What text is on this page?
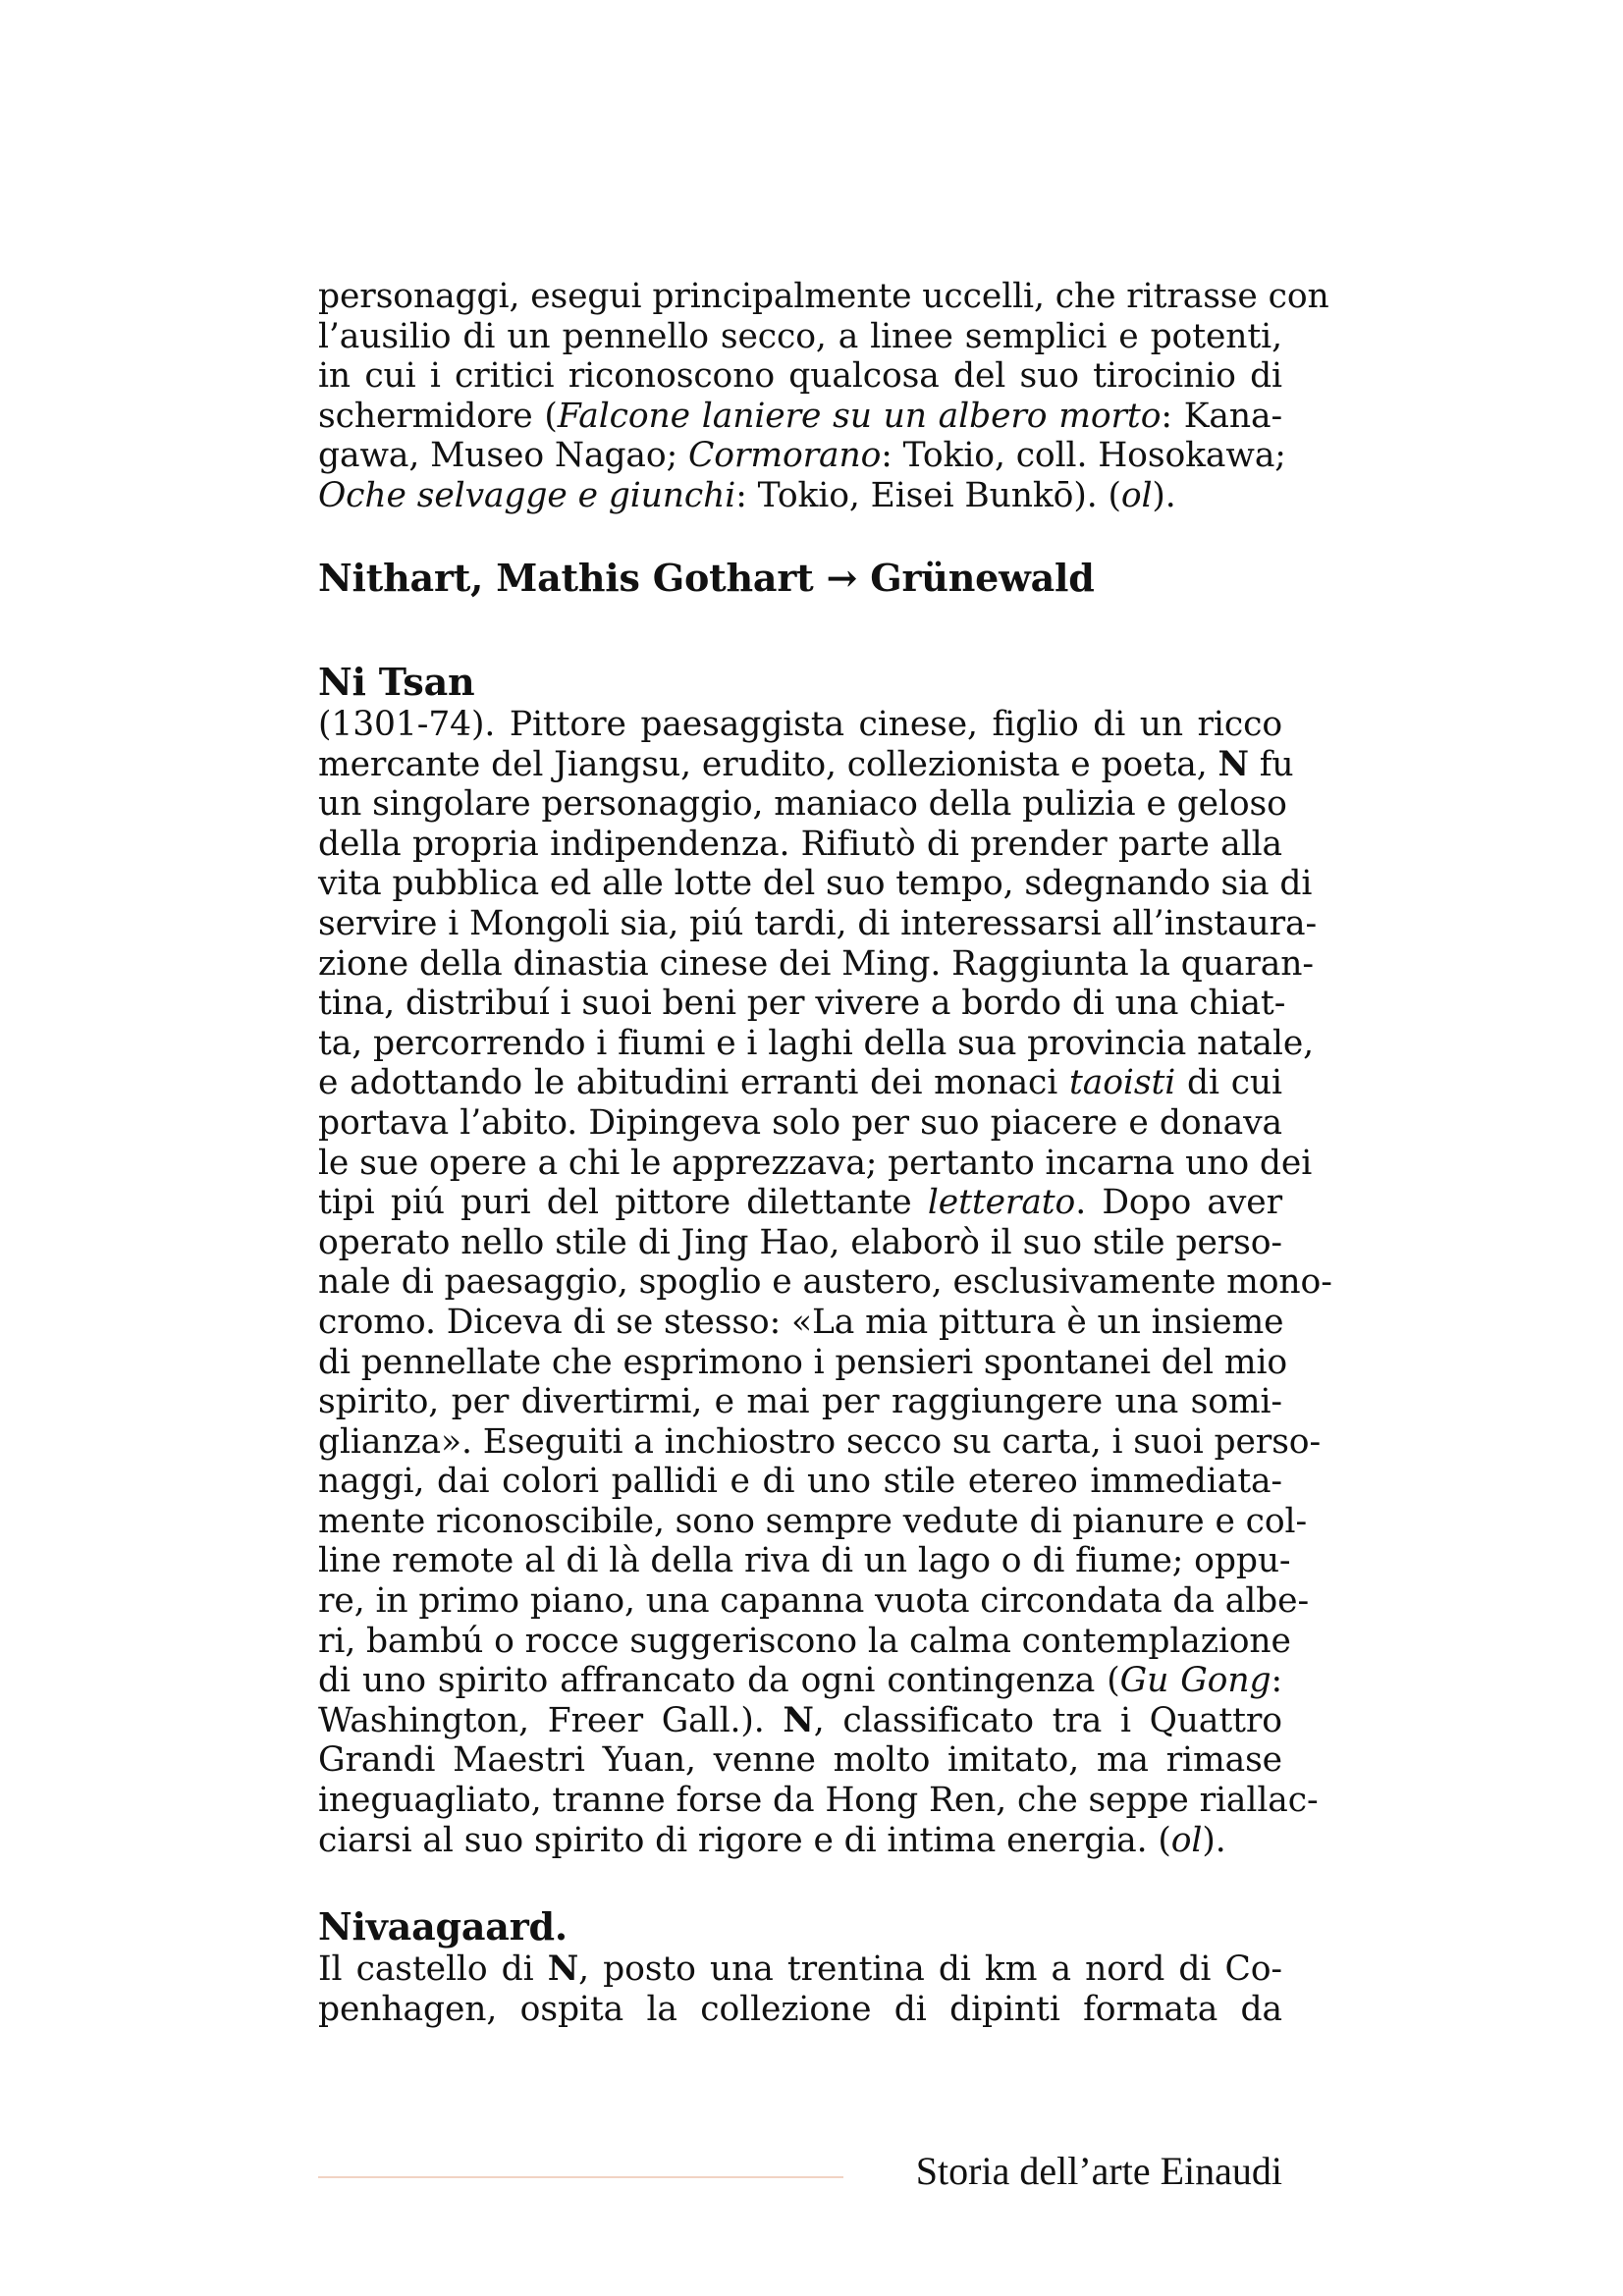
personaggi, esegui principalmente uccelli, che ritrasse con
l’ausilio di un pennello secco, a linee semplici e potenti,
in cui i critici riconoscono qualcosa del suo tirocinio di
schermidore (Falcone laniere su un albero morto: Kana-
gawa, Museo Nagao; Cormorano: Tokio, coll. Hosokawa;
Oche selvagge e giunchi: Tokio, Eisei Bunkō). (ol).

Nithart, Mathis Gothart → Grünewald

Ni Tsan

(1301-74). Pittore paesaggista cinese, figlio di un ricco
mercante del Jiangsu, erudito, collezionista e poeta, N fu
un singolare personaggio, maniaco della pulizia e geloso
della propria indipendenza. Rifiutò di prender parte alla
vita pubblica ed alle lotte del suo tempo, sdegnando sia di
servire i Mongoli sia, piú tardi, di interessarsi all’instaura-
zione della dinastia cinese dei Ming. Raggiunta la quaran-
tina, distribuí i suoi beni per vivere a bordo di una chiat-
ta, percorrendo i fiumi e i laghi della sua provincia natale,
e adottando le abitudini erranti dei monaci taoisti di cui
portava l’abito. Dipingeva solo per suo piacere e donava
le sue opere a chi le apprezzava; pertanto incarna uno dei
tipi piú puri del pittore dilettante letterato. Dopo aver
operato nello stile di Jing Hao, elaborò il suo stile perso-
nale di paesaggio, spoglio e austero, esclusivamente mono-
cromo. Diceva di se stesso: «La mia pittura è un insieme
di pennellate che esprimono i pensieri spontanei del mio
spirito, per divertirmi, e mai per raggiungere una somi-
glianza». Eseguiti a inchiostro secco su carta, i suoi perso-
naggi, dai colori pallidi e di uno stile etereo immediata-
mente riconoscibile, sono sempre vedute di pianure e col-
line remote al di là della riva di un lago o di fiume; oppu-
re, in primo piano, una capanna vuota circondata da albe-
ri, bambú o rocce suggeriscono la calma contemplazione
di uno spirito affrancato da ogni contingenza (Gu Gong:
Washington, Freer Gall.). N, classificato tra i Quattro
Grandi Maestri Yuan, venne molto imitato, ma rimase
ineguagliato, tranne forse da Hong Ren, che seppe riallac-
ciarsi al suo spirito di rigore e di intima energia. (ol).

Nivaagaard.

Il castello di N, posto una trentina di km a nord di Co-
penhagen, ospita la collezione di dipinti formata da

Storia dell’arte Einaudi
